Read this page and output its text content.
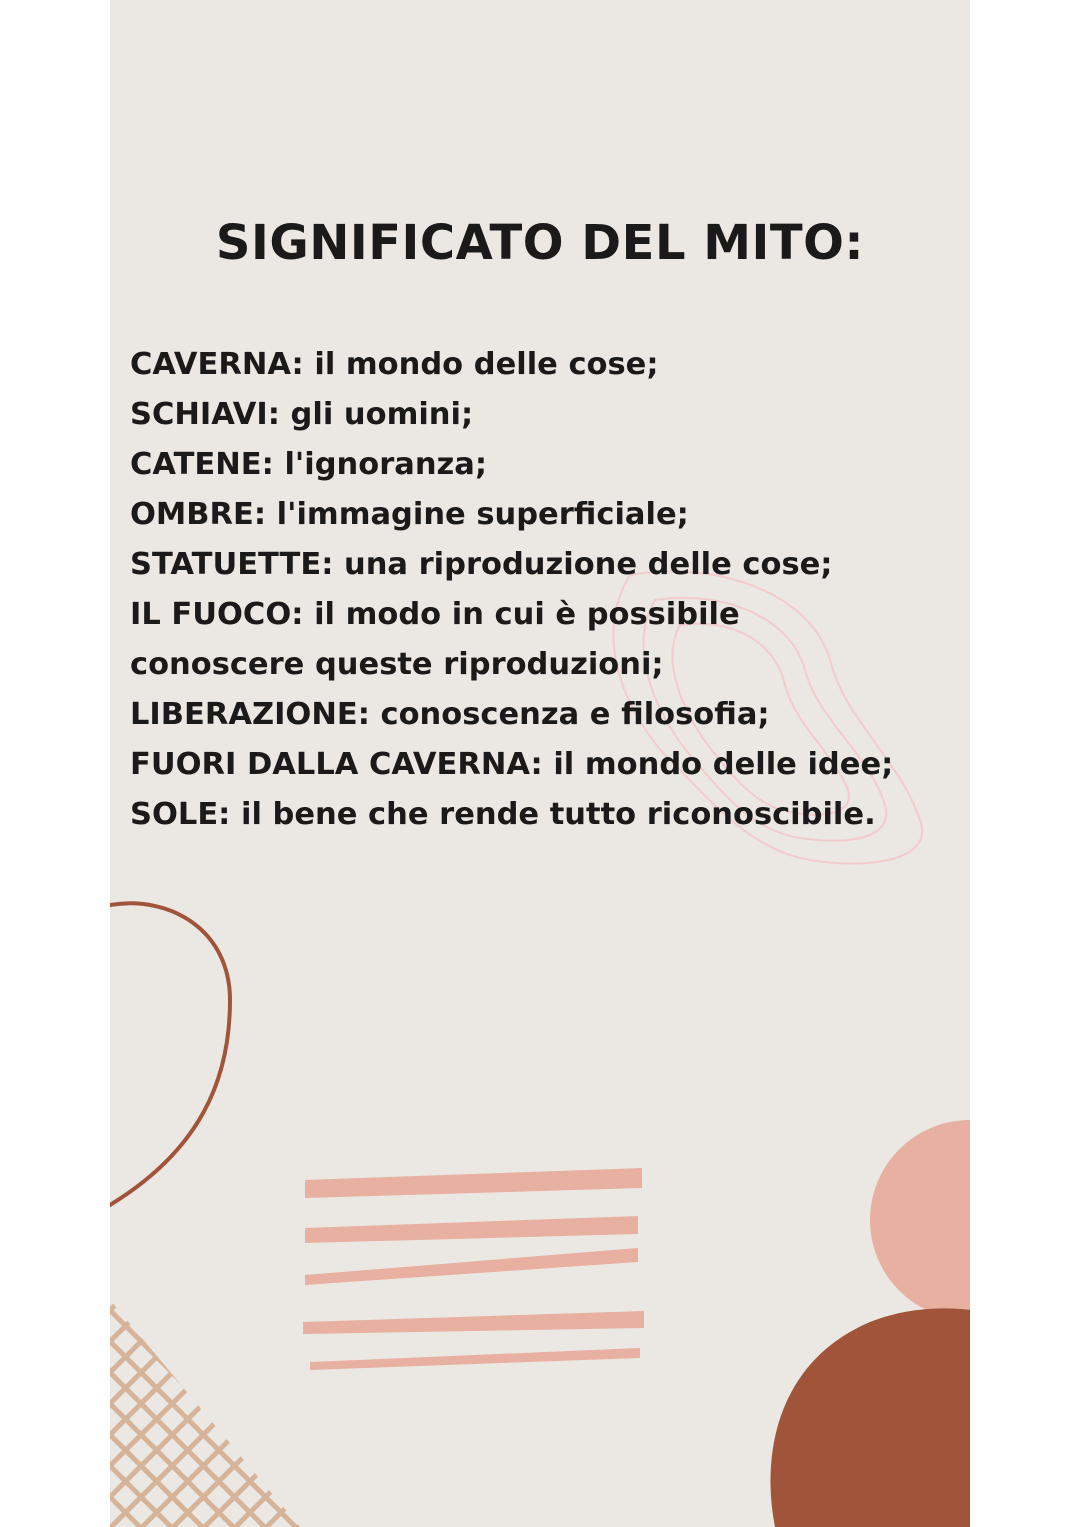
SIGNIFICATO DEL MITO:
CAVERNA: il mondo delle cose;
SCHIAVI: gli uomini;
CATENE: l'ignoranza;
OMBRE: l'immagine superficiale;
STATUETTE: una riproduzione delle cose;
IL FUOCO: il modo in cui è possibile conoscere queste riproduzioni;
LIBERAZIONE: conoscenza e filosofia;
FUORI DALLA CAVERNA: il mondo delle idee;
SOLE: il bene che rende tutto riconoscibile.
